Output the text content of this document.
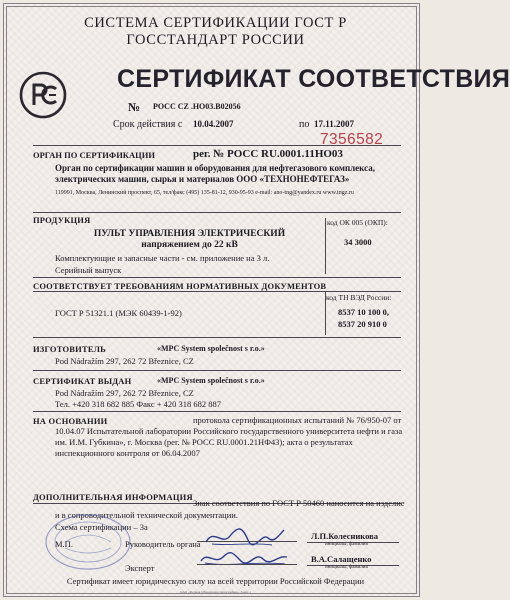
СИСТЕМА СЕРТИФИКАЦИИ ГОСТ Р
ГОССТАНДАРТ РОССИИ
СЕРТИФИКАТ СООТВЕТСТВИЯ
№ РОСС CZ .НО03.В02056
Срок действия с 10.04.2007	по 17.11.2007
7356582
ОРГАН ПО СЕРТИФИКАЦИИ	рег. № РОСС RU.0001.11НО03
Орган по сертификации машин и оборудования для нефтегазового комплекса, электрических машин, сырья и материалов ООО «ТЕХНОНЕФТЕГАЗ»
119991, Москва, Ленинский проспект, 65, тел/факс (495) 135-81-12, 930-95-93 e-mail: ano-tng@yandex.ru www.tngz.ru
ПРОДУКЦИЯ	код ОК 005 (ОКП):
34 3000
ПУЛЬТ УПРАВЛЕНИЯ ЭЛЕКТРИЧЕСКИЙ напряжением до 22 кВ
Комплектующие и запасные части - см. приложение на 3 л.
Серийный выпуск
СООТВЕТСТВУЕТ ТРЕБОВАНИЯМ НОРМАТИВНЫХ ДОКУМЕНТОВ
код ТН ВЭД России:
8537 10 100 0,
8537 20 910 0
ГОСТ Р 51321.1 (МЭК 60439-1-92)
ИЗГОТОВИТЕЛЬ	«MPC System společnost s r.o.»
Pod Nádražím 297, 262 72 Březnice, CZ
СЕРТИФИКАТ ВЫДАН	«MPC System společnost s r.o.»
Pod Nádražím 297, 262 72 Březnice, CZ
Тел. +420 318 682 885 Факс + 420 318 682 887
НА ОСНОВАНИИ	протокола сертификационных испытаний № 76/950-07 от
10.04.07 Испытательной лаборатории Российского государственного университета нефти и газа
им. И.М. Губкина», г. Москва (рег. № РОСС RU.0001.21НФ43); акта о результатах
инспекционного контроля от 06.04.2007
ДОПОЛНИТЕЛЬНАЯ ИНФОРМАЦИЯ
Знак соответствия по ГОСТ Р 50460 наносится на изделие
и в сопроводительной технической документации.
Схема сертификации – 3а
М.П.	Руководитель органа
Л.П.Колесникова
инициалы, фамилия
Эксперт
В.А.Салащенко
инициалы, фамилия
Сертификат имеет юридическую силу на всей территории Российской Федерации
ОАО «Первая Образцовая типография». Заказ 1
